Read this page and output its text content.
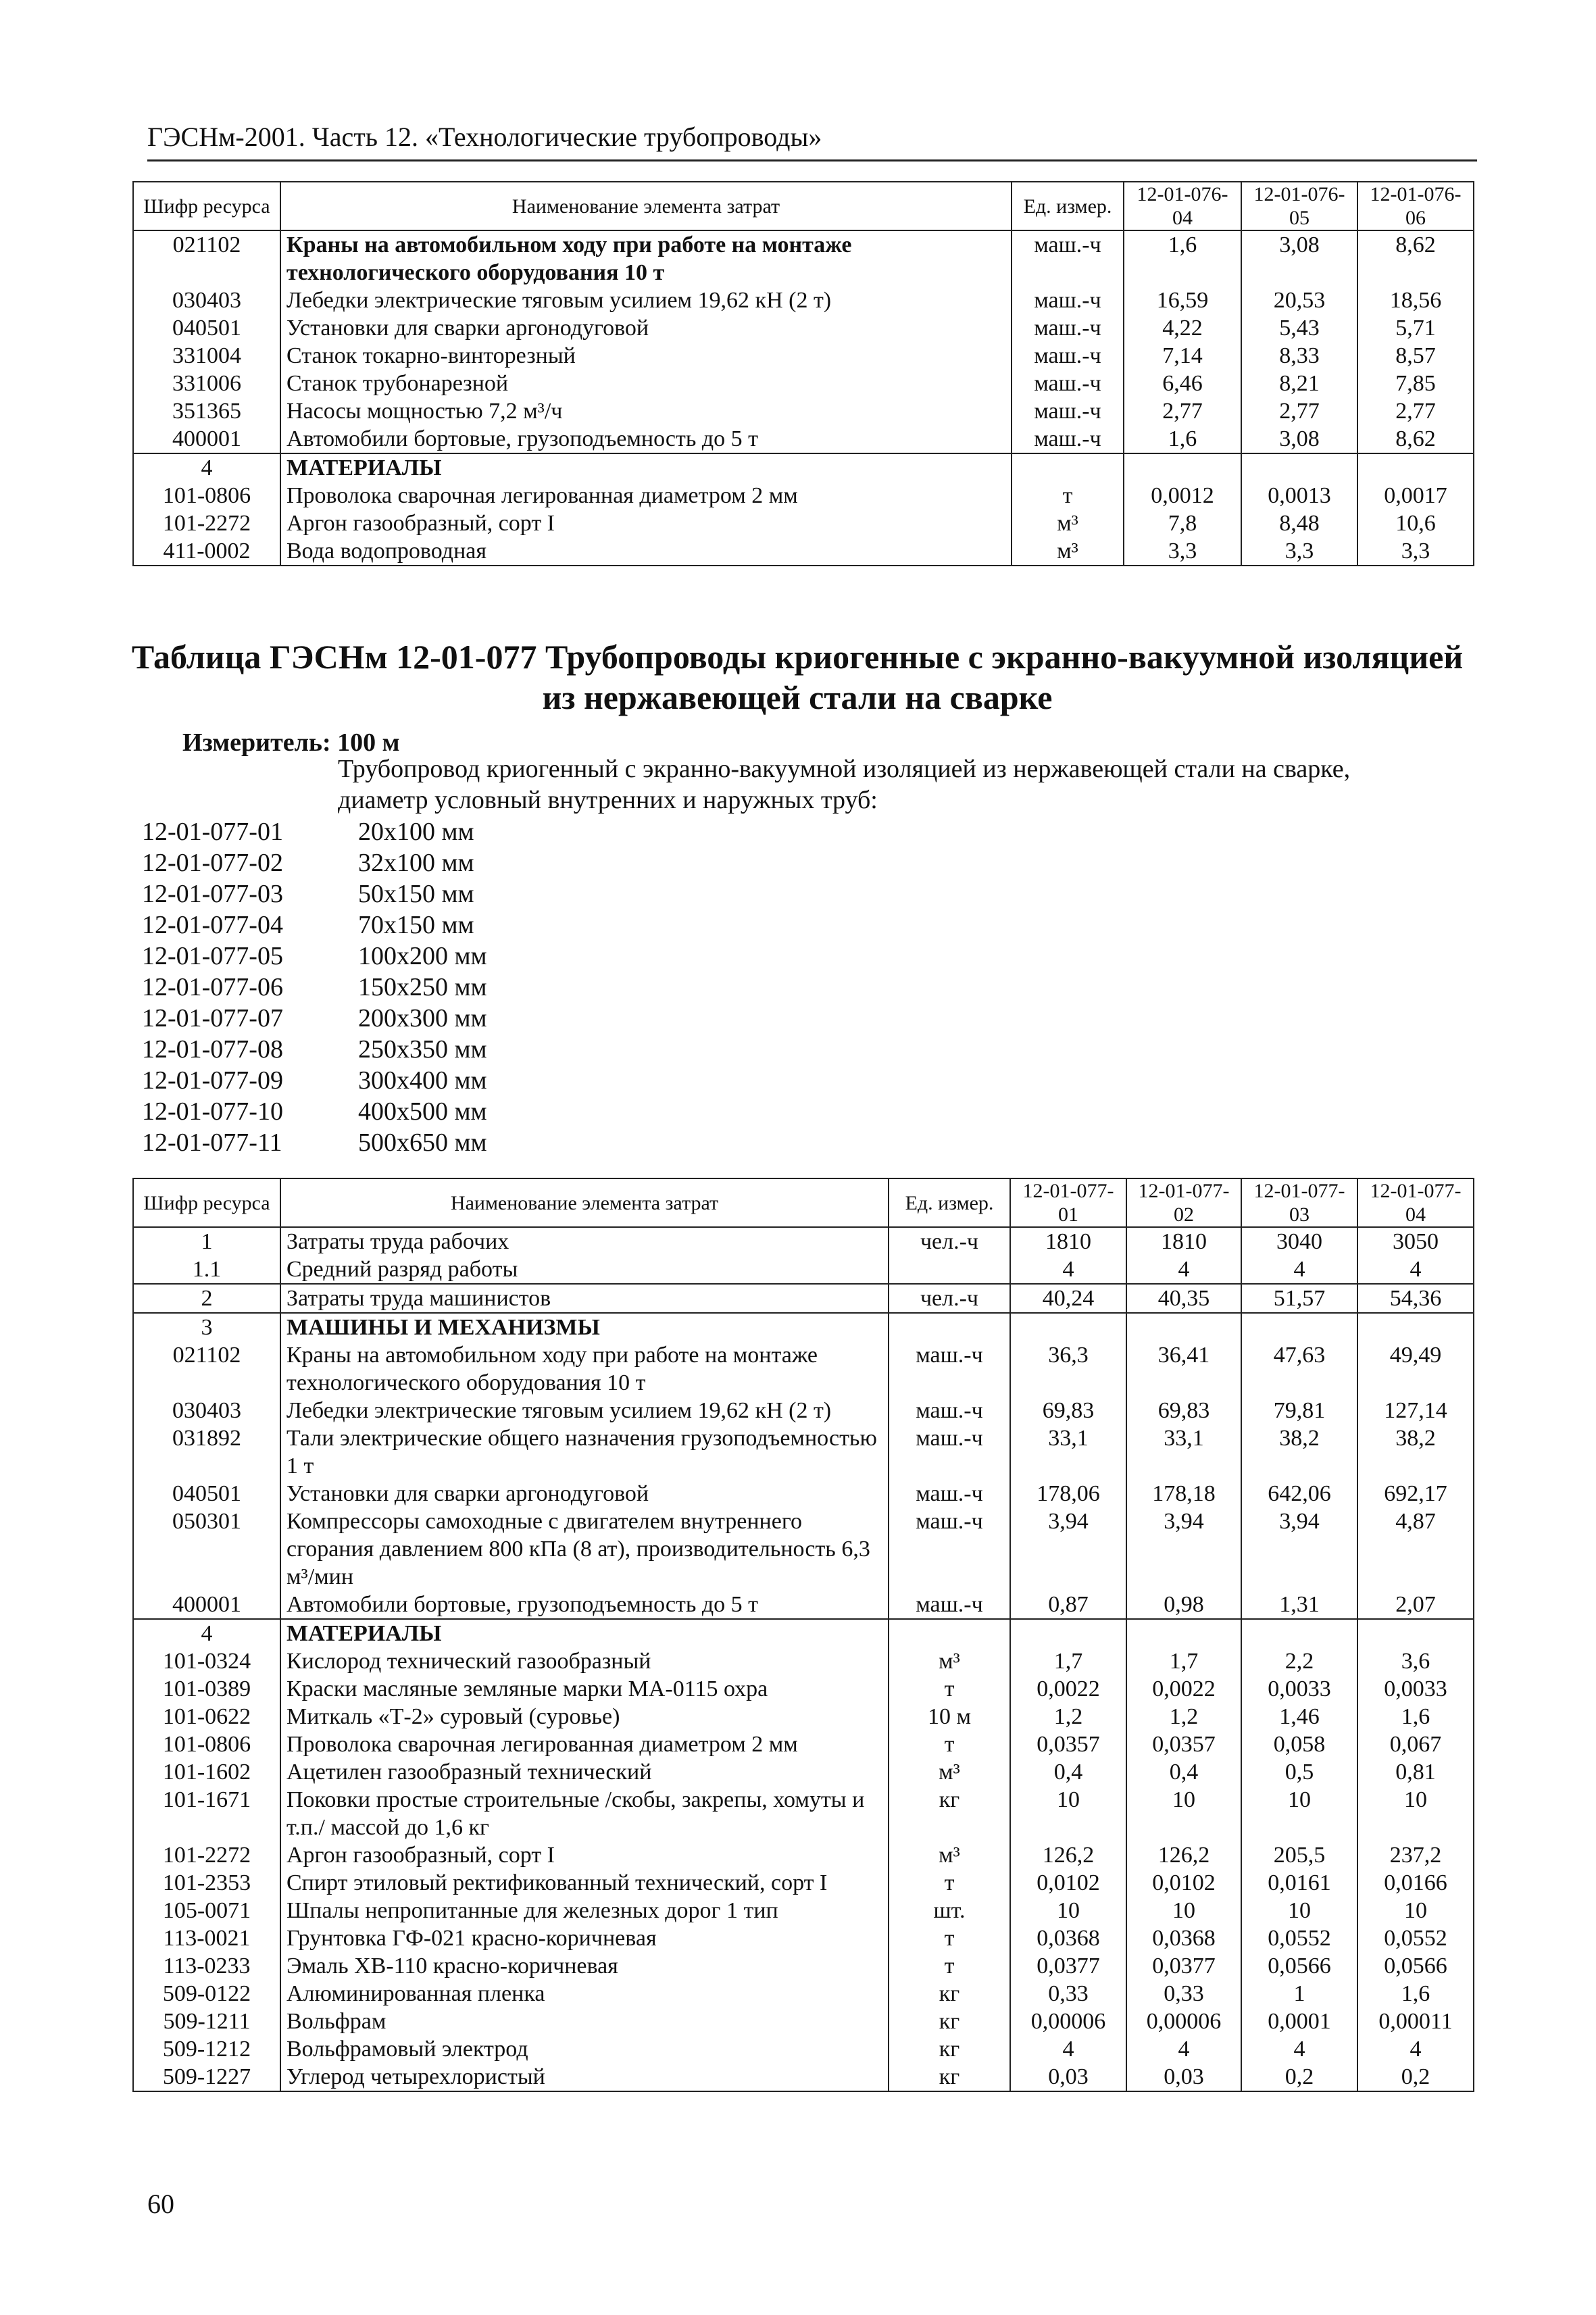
ГЭСНм-2001. Часть 12. «Технологические трубопроводы»
Шифр ресурса	Наименование элемента затрат	Ед. измер.	12-01-076-04	12-01-076-05	12-01-076-06
021102	Краны на автомобильном ходу при работе на монтаже технологического оборудования 10 т	маш.-ч	1,6	3,08	8,62
030403	Лебедки электрические тяговым усилием 19,62 кН (2 т)	маш.-ч	16,59	20,53	18,56
040501	Установки для сварки аргонодуговой	маш.-ч	4,22	5,43	5,71
331004	Станок токарно-винторезный	маш.-ч	7,14	8,33	8,57
331006	Станок трубонарезной	маш.-ч	6,46	8,21	7,85
351365	Насосы мощностью 7,2 м³/ч	маш.-ч	2,77	2,77	2,77
400001	Автомобили бортовые, грузоподъемность до 5 т	маш.-ч	1,6	3,08	8,62
4	МАТЕРИАЛЫ				
101-0806	Проволока сварочная легированная диаметром 2 мм	т	0,0012	0,0013	0,0017
101-2272	Аргон газообразный, сорт I	м³	7,8	8,48	10,6
411-0002	Вода водопроводная	м³	3,3	3,3	3,3
Таблица ГЭСНм 12-01-077 Трубопроводы криогенные с экранно-вакуумной изоляцией
из нержавеющей стали на сварке
Измеритель: 100 м
Трубопровод криогенный с экранно-вакуумной изоляцией из нержавеющей стали на сварке, диаметр условный внутренних и наружных труб:
12-01-077-01	20x100 мм
12-01-077-02	32x100 мм
12-01-077-03	50x150 мм
12-01-077-04	70x150 мм
12-01-077-05	100x200 мм
12-01-077-06	150x250 мм
12-01-077-07	200x300 мм
12-01-077-08	250x350 мм
12-01-077-09	300x400 мм
12-01-077-10	400x500 мм
12-01-077-11	500x650 мм
Шифр ресурса	Наименование элемента затрат	Ед. измер.	12-01-077-01	12-01-077-02	12-01-077-03	12-01-077-04
1	Затраты труда рабочих	чел.-ч	1810	1810	3040	3050
1.1	Средний разряд работы		4	4	4	4
2	Затраты труда машинистов	чел.-ч	40,24	40,35	51,57	54,36
3	МАШИНЫ И МЕХАНИЗМЫ					
021102	Краны на автомобильном ходу при работе на монтаже технологического оборудования 10 т	маш.-ч	36,3	36,41	47,63	49,49
030403	Лебедки электрические тяговым усилием 19,62 кН (2 т)	маш.-ч	69,83	69,83	79,81	127,14
031892	Тали электрические общего назначения грузоподъемностью 1 т	маш.-ч	33,1	33,1	38,2	38,2
040501	Установки для сварки аргонодуговой	маш.-ч	178,06	178,18	642,06	692,17
050301	Компрессоры самоходные с двигателем внутреннего сгорания давлением 800 кПа (8 ат), производительность 6,3 м³/мин	маш.-ч	3,94	3,94	3,94	4,87
400001	Автомобили бортовые, грузоподъемность до 5 т	маш.-ч	0,87	0,98	1,31	2,07
4	МАТЕРИАЛЫ					
101-0324	Кислород технический газообразный	м³	1,7	1,7	2,2	3,6
101-0389	Краски масляные земляные марки МА-0115 охра	т	0,0022	0,0022	0,0033	0,0033
101-0622	Миткаль «Т-2» суровый (суровье)	10 м	1,2	1,2	1,46	1,6
101-0806	Проволока сварочная легированная диаметром 2 мм	т	0,0357	0,0357	0,058	0,067
101-1602	Ацетилен газообразный технический	м³	0,4	0,4	0,5	0,81
101-1671	Поковки простые строительные /скобы, закрепы, хомуты и т.п./ массой до 1,6 кг	кг	10	10	10	10
101-2272	Аргон газообразный, сорт I	м³	126,2	126,2	205,5	237,2
101-2353	Спирт этиловый ректификованный технический, сорт I	т	0,0102	0,0102	0,0161	0,0166
105-0071	Шпалы непропитанные для железных дорог 1 тип	шт.	10	10	10	10
113-0021	Грунтовка ГФ-021 красно-коричневая	т	0,0368	0,0368	0,0552	0,0552
113-0233	Эмаль ХВ-110 красно-коричневая	т	0,0377	0,0377	0,0566	0,0566
509-0122	Алюминированная пленка	кг	0,33	0,33	1	1,6
509-1211	Вольфрам	кг	0,00006	0,00006	0,0001	0,00011
509-1212	Вольфрамовый электрод	кг	4	4	4	4
509-1227	Углерод четырехлористый	кг	0,03	0,03	0,2	0,2
60
